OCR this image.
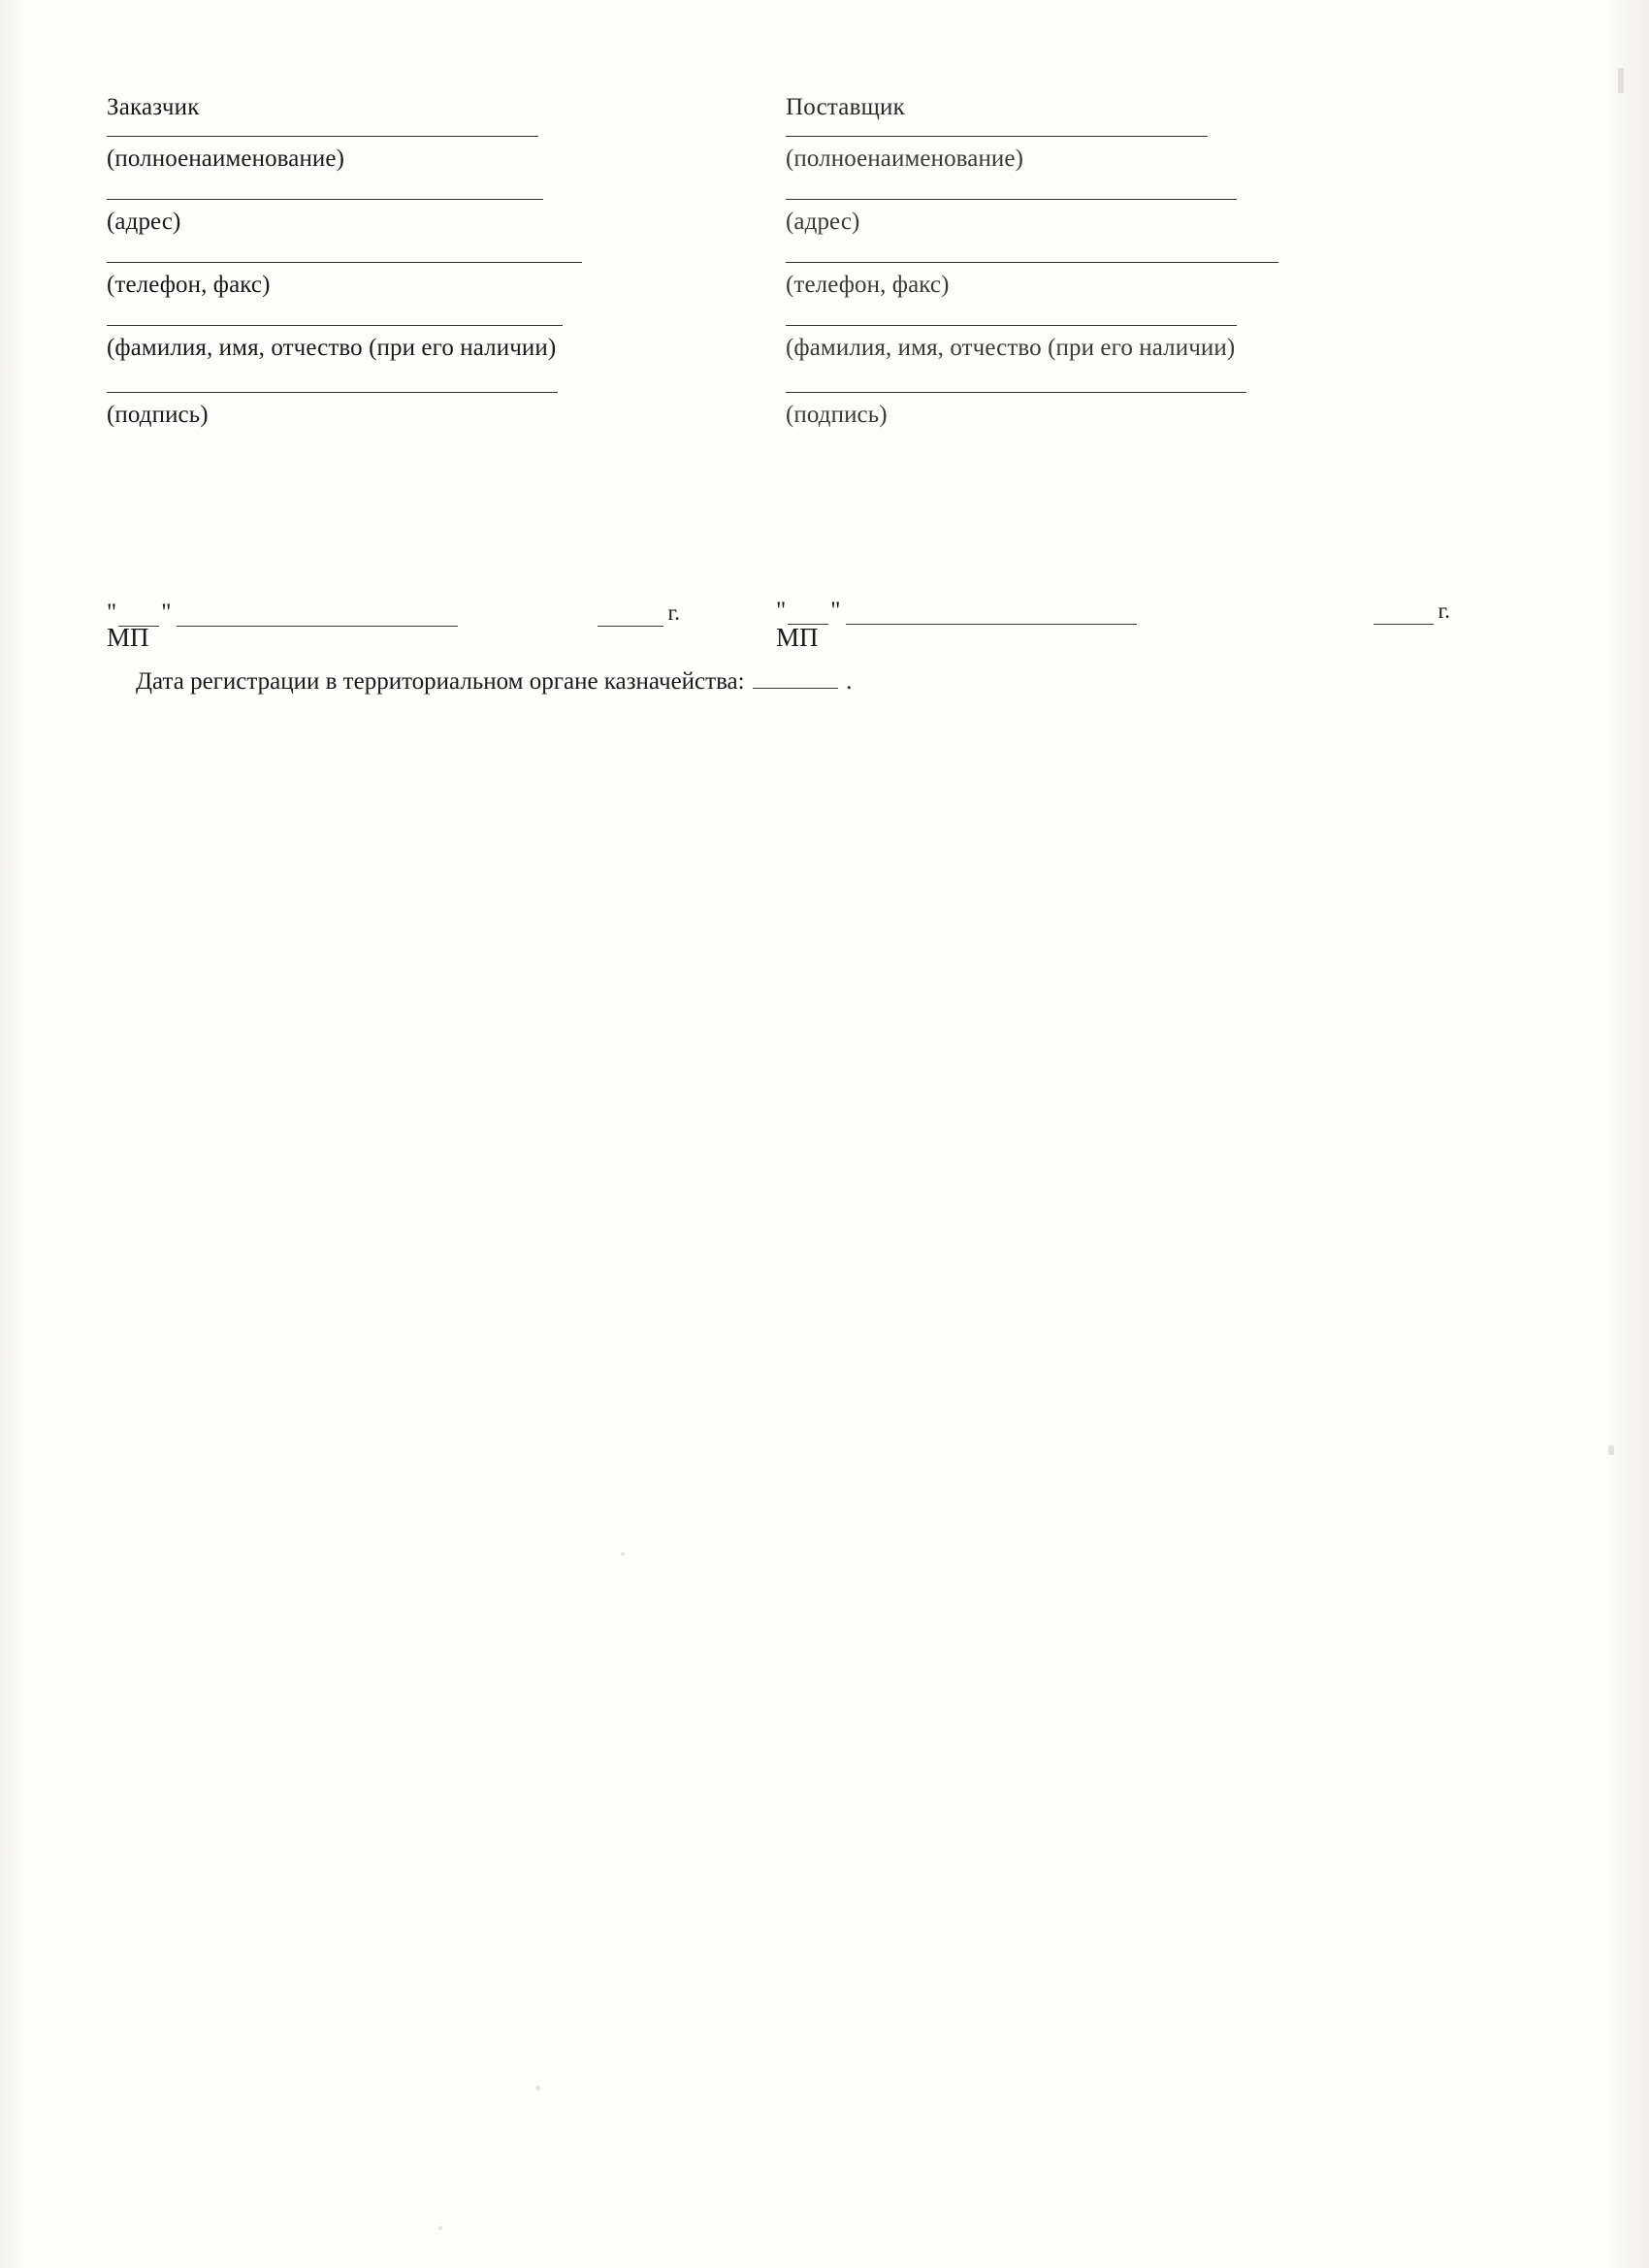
Заказчик
(полноенаименование)
(адрес)
(телефон, факс)
(фамилия, имя, отчество (при его наличии)
(подпись)
Поставщик
(полноенаименование)
(адрес)
(телефон, факс)
(фамилия, имя, отчество (при его наличии)
(подпись)
" "	г.	" "	г.
МП	МП
Дата регистрации в территориальном органе казначейства:	.
